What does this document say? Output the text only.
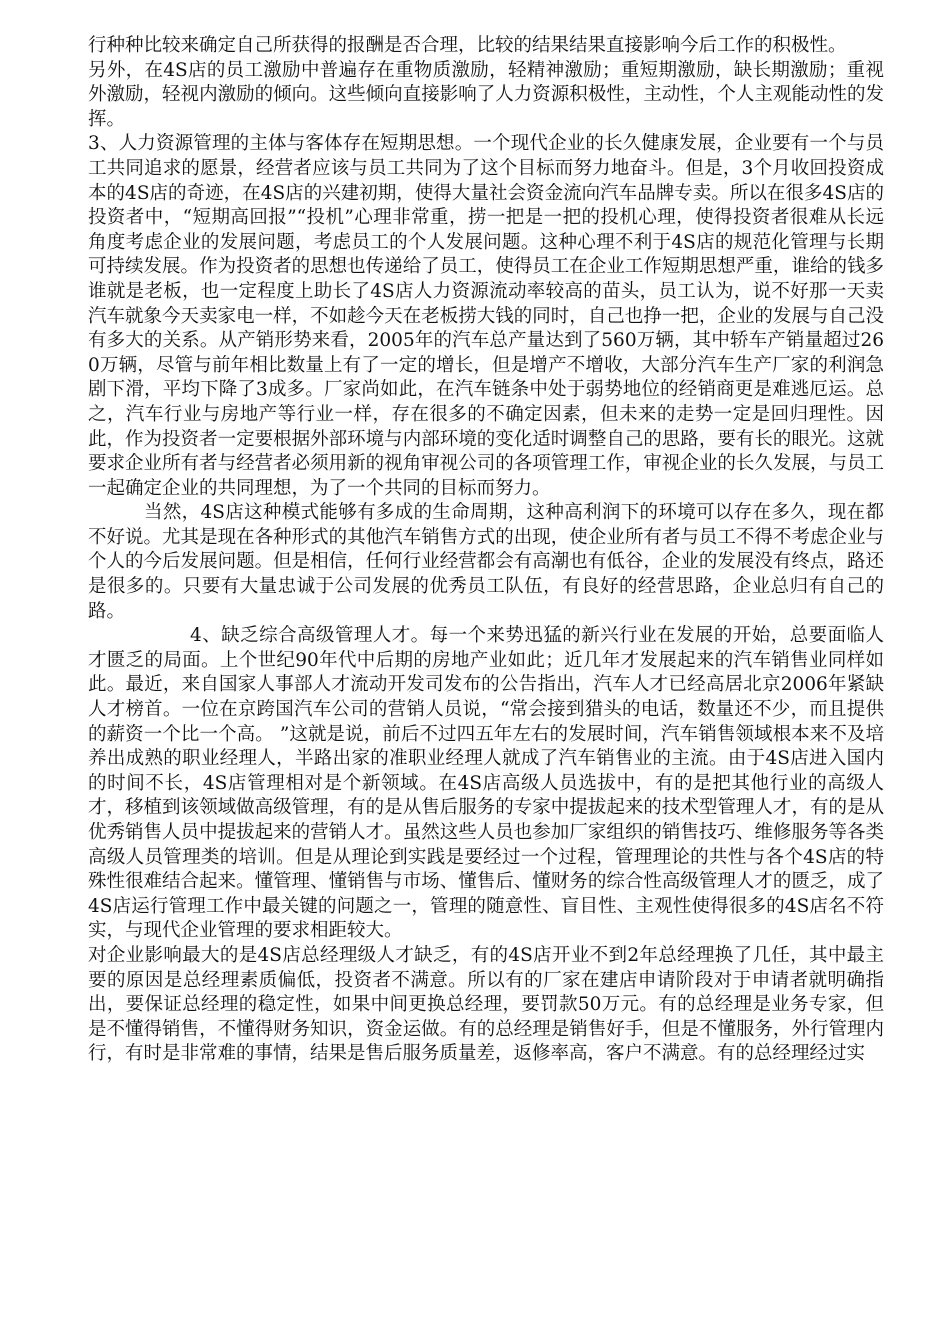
行种种比较来确定自己所获得的报酬是否合理，比较的结果结果直接影响今后工作的积极性。

另外，在4S店的员工激励中普遍存在重物质激励，轻精神激励；重短期激励，缺长期激励；重视外激励，轻视内激励的倾向。这些倾向直接影响了人力资源积极性，主动性，个人主观能动性的发挥。

3、人力资源管理的主体与客体存在短期思想。一个现代企业的长久健康发展，企业要有一个与员工共同追求的愿景，经营者应该与员工共同为了这个目标而努力地奋斗。但是，3个月收回投资成本的4S店的奇迹，在4S店的兴建初期，使得大量社会资金流向汽车品牌专卖。所以在很多4S店的投资者中，“短期高回报”“投机”心理非常重，捞一把是一把的投机心理，使得投资者很难从长远角度考虑企业的发展问题，考虑员工的个人发展问题。这种心理不利于4S店的规范化管理与长期可持续发展。作为投资者的思想也传递给了员工，使得员工在企业工作短期思想严重，谁给的钱多谁就是老板，也一定程度上助长了4S店人力资源流动率较高的苗头，员工认为，说不好那一天卖汽车就象今天卖家电一样，不如趁今天在老板捞大钱的同时，自己也挣一把，企业的发展与自己没有多大的关系。从产销形势来看，2005年的汽车总产量达到了560万辆，其中轿车产销量超过260万辆，尽管与前年相比数量上有了一定的增长，但是增产不增收，大部分汽车生产厂家的利润急剧下滑，平均下降了3成多。厂家尚如此，在汽车链条中处于弱势地位的经销商更是难逃厄运。总之，汽车行业与房地产等行业一样，存在很多的不确定因素，但未来的走势一定是回归理性。因此，作为投资者一定要根据外部环境与内部环境的变化适时调整自己的思路，要有长的眼光。这就要求企业所有者与经营者必须用新的视角审视公司的各项管理工作，审视企业的长久发展，与员工一起确定企业的共同理想，为了一个共同的目标而努力。

当然，4S店这种模式能够有多成的生命周期，这种高利润下的环境可以存在多久，现在都不好说。尤其是现在各种形式的其他汽车销售方式的出现，使企业所有者与员工不得不考虑企业与个人的今后发展问题。但是相信，任何行业经营都会有高潮也有低谷，企业的发展没有终点，路还是很多的。只要有大量忠诚于公司发展的优秀员工队伍，有良好的经营思路，企业总归有自己的路。

4、缺乏综合高级管理人才。每一个来势迅猛的新兴行业在发展的开始，总要面临人才匮乏的局面。上个世纪90年代中后期的房地产业如此；近几年才发展起来的汽车销售业同样如此。最近，来自国家人事部人才流动开发司发布的公告指出，汽车人才已经高居北京2006年紧缺人才榜首。一位在京跨国汽车公司的营销人员说，“常会接到猎头的电话，数量还不少，而且提供的薪资一个比一个高。 ”这就是说，前后不过四五年左右的发展时间，汽车销售领域根本来不及培养出成熟的职业经理人，半路出家的准职业经理人就成了汽车销售业的主流。由于4S店进入国内的时间不长，4S店管理相对是个新领域。在4S店高级人员选拔中，有的是把其他行业的高级人才，移植到该领域做高级管理，有的是从售后服务的专家中提拔起来的技术型管理人才，有的是从优秀销售人员中提拔起来的营销人才。虽然这些人员也参加厂家组织的销售技巧、维修服务等各类高级人员管理类的培训。但是从理论到实践是要经过一个过程，管理理论的共性与各个4S店的特殊性很难结合起来。懂管理、懂销售与市场、懂售后、懂财务的综合性高级管理人才的匮乏，成了4S店运行管理工作中最关键的问题之一，管理的随意性、盲目性、主观性使得很多的4S店名不符实，与现代企业管理的要求相距较大。

对企业影响最大的是4S店总经理级人才缺乏，有的4S店开业不到2年总经理换了几任，其中最主要的原因是总经理素质偏低，投资者不满意。所以有的厂家在建店申请阶段对于申请者就明确指出，要保证总经理的稳定性，如果中间更换总经理，要罚款50万元。有的总经理是业务专家，但是不懂得销售，不懂得财务知识，资金运做。有的总经理是销售好手，但是不懂服务，外行管理内行，有时是非常难的事情，结果是售后服务质量差，返修率高，客户不满意。有的总经理经过实
